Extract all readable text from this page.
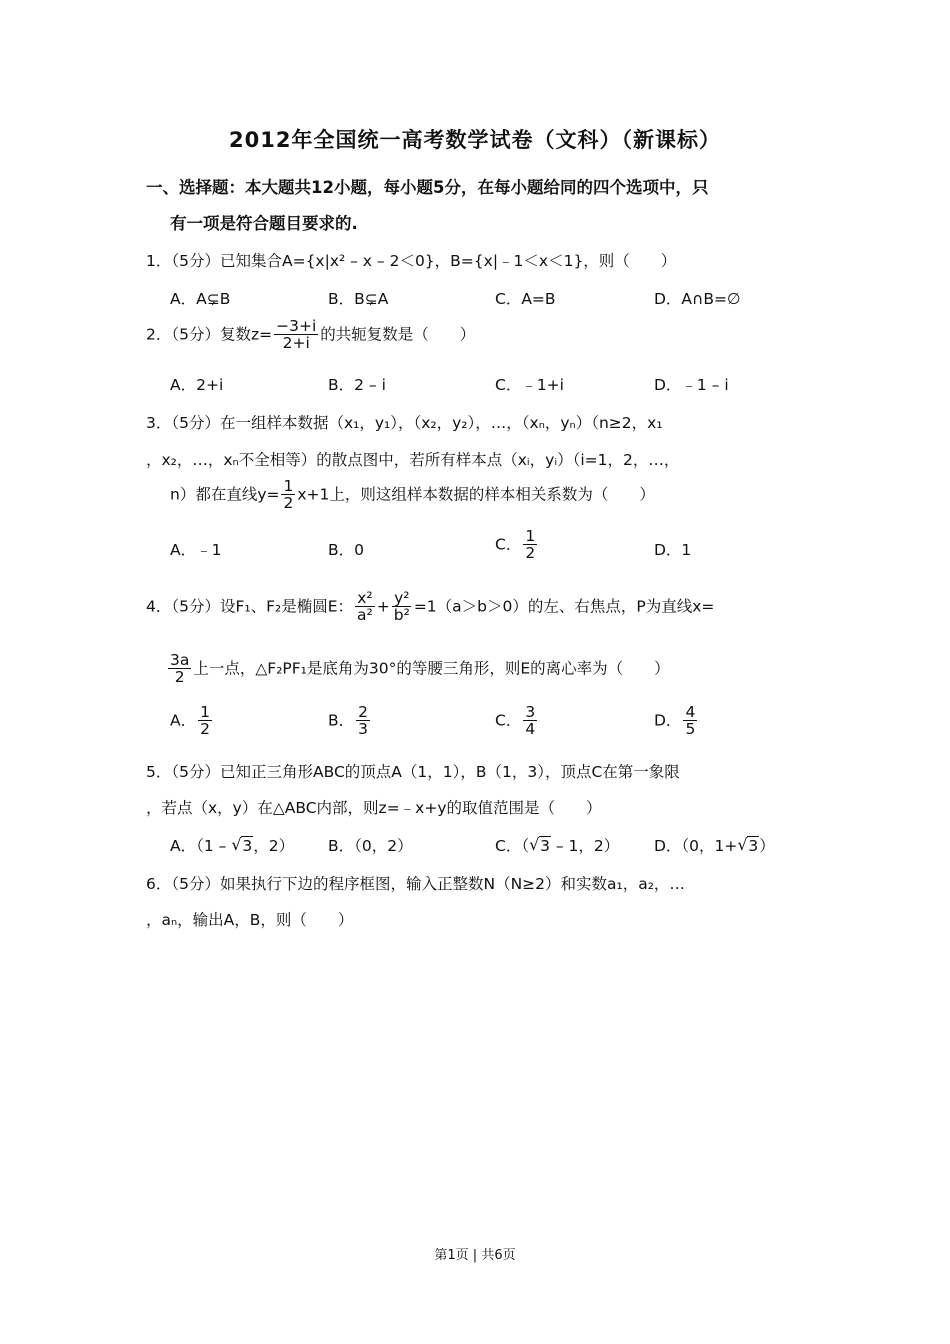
2012年全国统一高考数学试卷（文科）（新课标）
一、选择题：本大题共12小题，每小题5分，在每小题给同的四个选项中，只
有一项是符合题目要求的.
1．（5分）已知集合A={x|x² – x – 2＜0}，B={x|﹣1＜x＜1}，则（　　）
A．A⊊B	B．B⊊A	C．A=B	D．A∩B=∅
2．（5分）复数$z= \frac{-3+i}{2+i}$ 的共轭复数是（　　）
A．2+i	B．2 – i	C．﹣1+i	D．﹣1 – i
3．（5分）在一组样本数据（x₁，y₁），（x₂，y₂），…，（xₙ，yₙ）（n≥2，x₁
，x₂，…，xₙ不全相等）的散点图中，若所有样本点（xᵢ，yᵢ）（i=1，2，…，
n）都在直线$y= \frac{1}{2} x+1$上，则这组样本数据的样本相关系数为（　　）
A．﹣1	B．0	C． $\frac{1}{2}$	D．1
4．（5分）设F₁、F₂是椭圆E： $\frac{\text{x²}}{\text{a²}} + \frac{\text{y²}}{\text{b²}} =1(a>b>0)$的左、右焦点，P为直线x=
$\frac{3a}{2}$ 上一点，△F₂PF₁是底角为30°的等腰三角形，则E的离心率为（　　）
A． $\frac{1}{2}$	B． $\frac{2}{3}$	C． $\frac{3}{4}$	D． $\frac{4}{5}$
5．（5分）已知正三角形ABC的顶点A（1，1），B（1，3），顶点C在第一象限
，若点（x，y）在△ABC内部，则z=﹣x+y的取值范围是（　　）
A．（1 – √ 3，2） B．（0，2）	C．（ √ 3 – 1，2） D．（0，1+ √ 3）
6．（5分）如果执行下边的程序框图，输入正整数N（N≥2）和实数a₁，a₂，…
，aₙ，输出A，B，则（　　）
第1页 | 共6页
